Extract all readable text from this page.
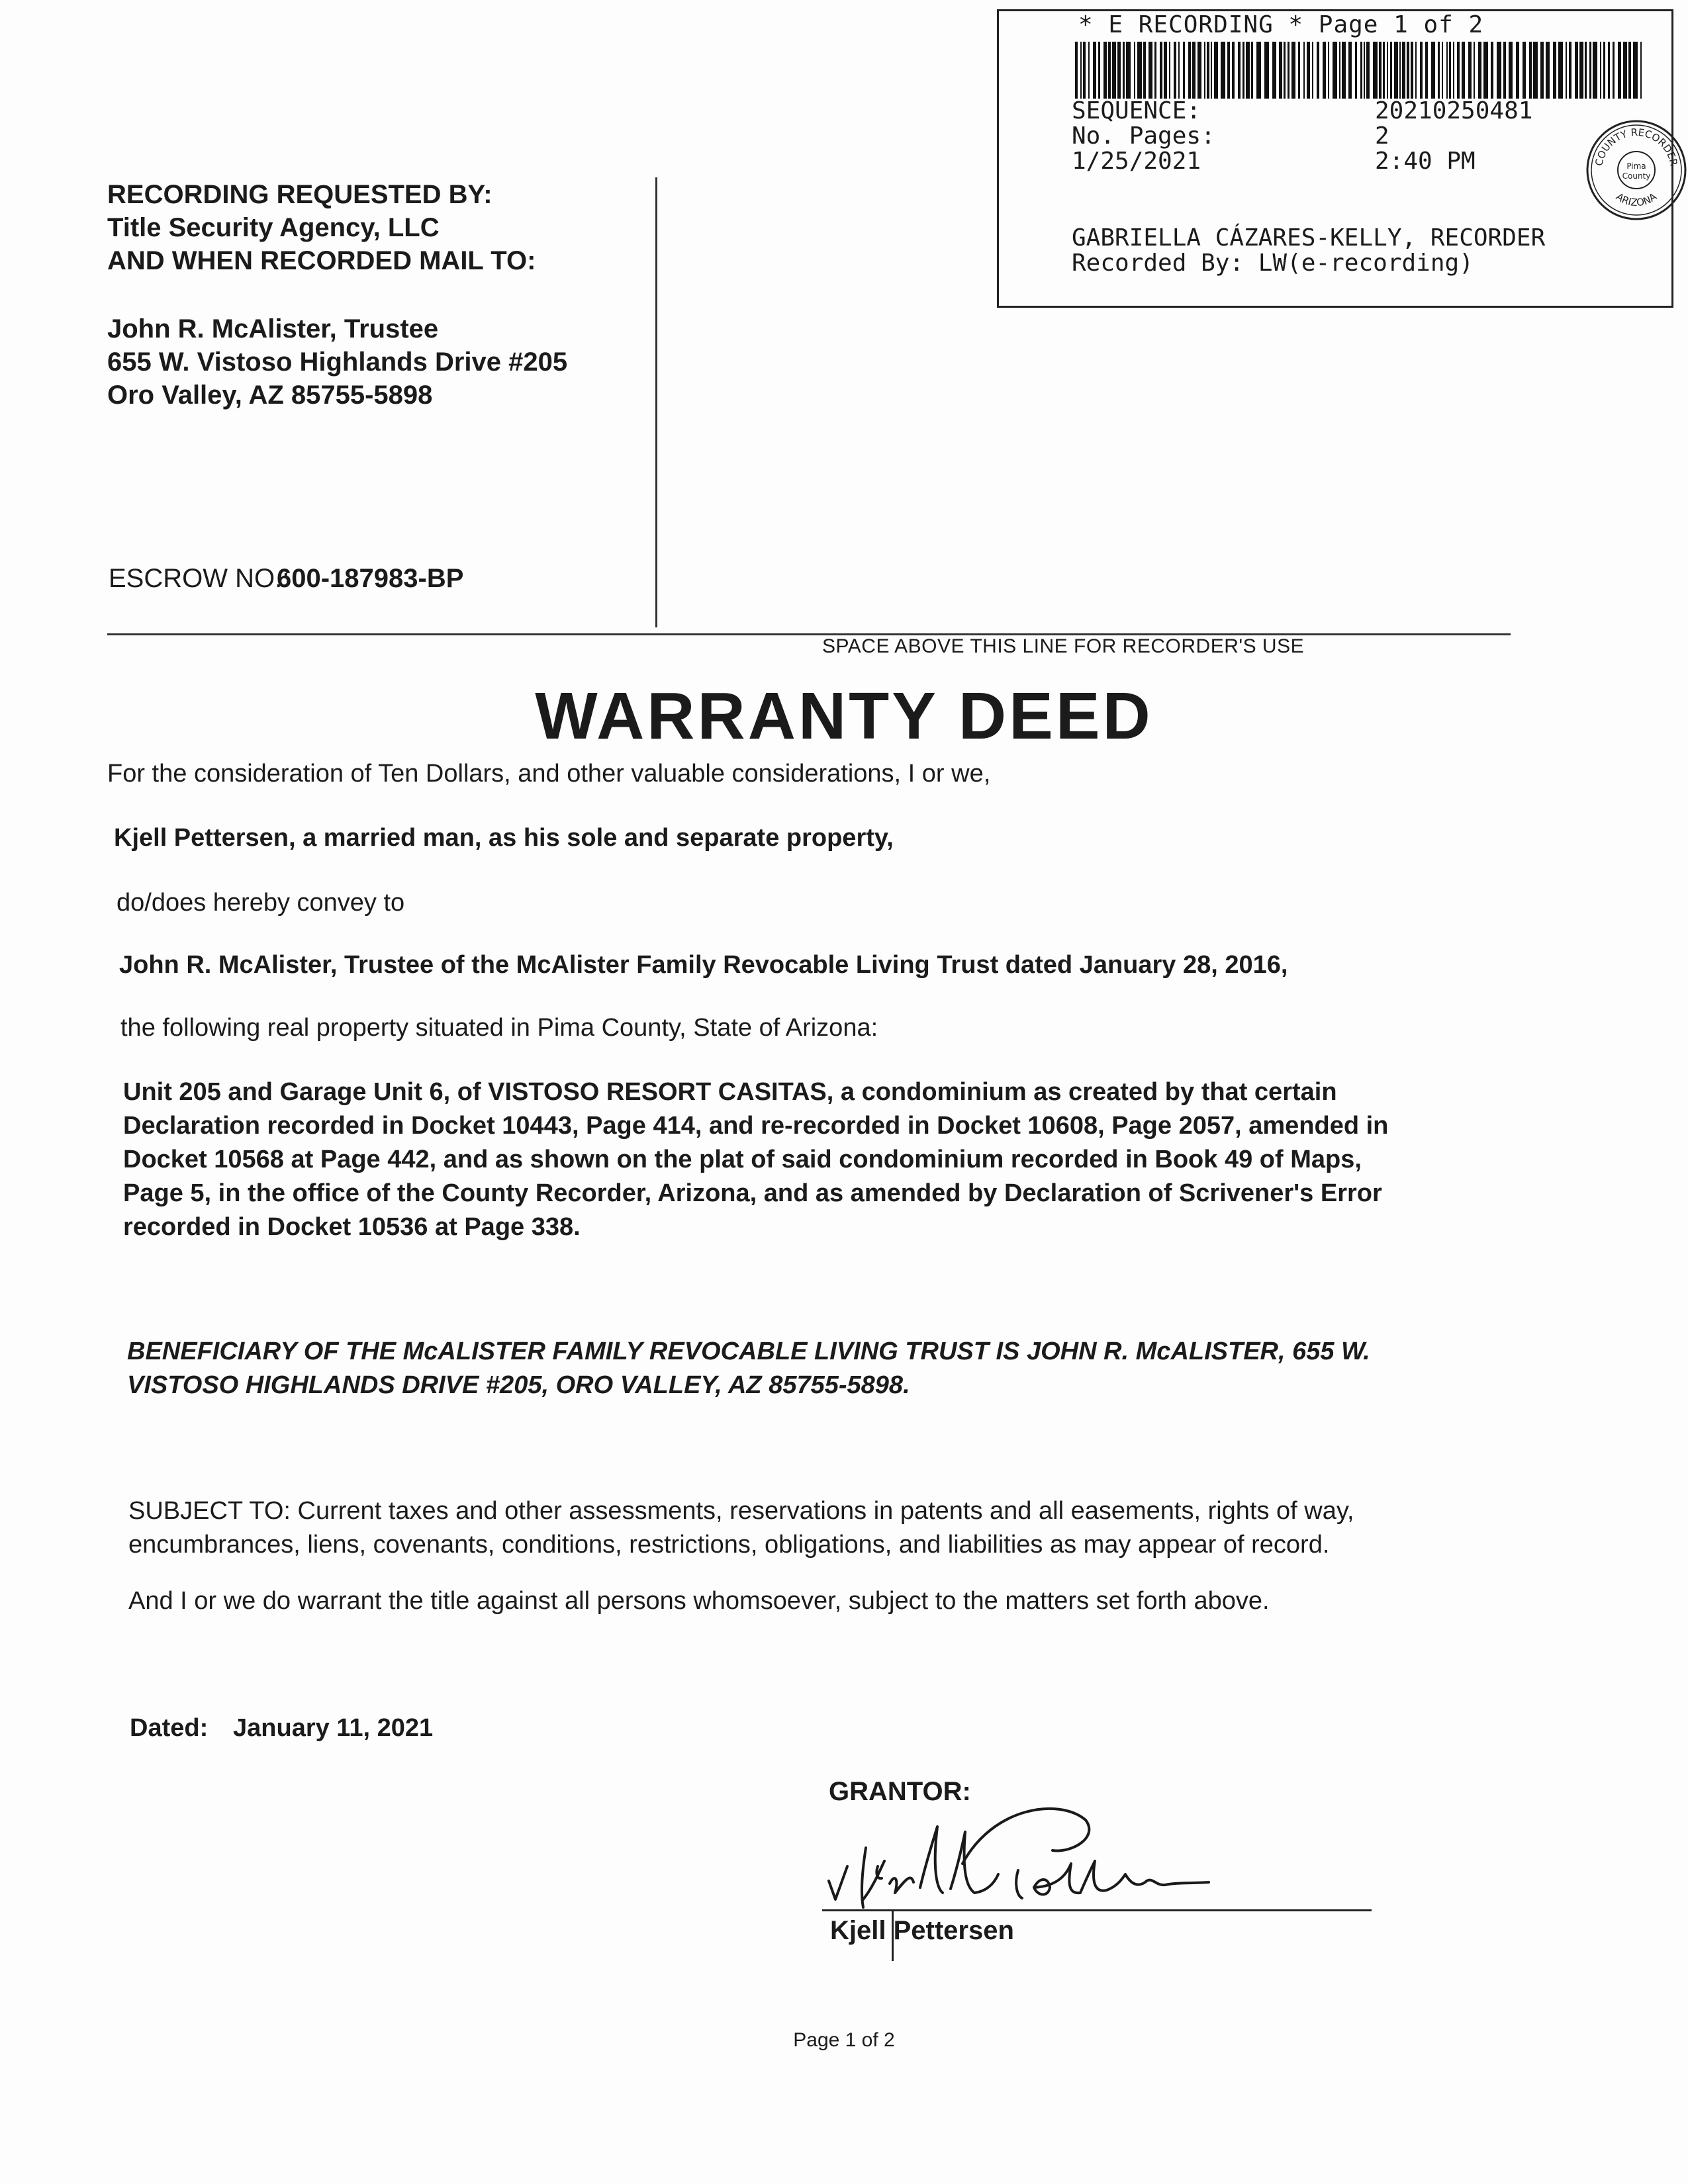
* E RECORDING * Page 1 of 2
SEQUENCE:	20210250481
No. Pages:	2
1/25/2021	2:40 PM
GABRIELLA CÁZARES-KELLY, RECORDER
Recorded By: LW(e-recording)
COUNTY RECORDER
ARIZONA
Pima
County
RECORDING REQUESTED BY:
Title Security Agency, LLC
AND WHEN RECORDED MAIL TO:
John R. McAlister, Trustee
655 W. Vistoso Highlands Drive #205
Oro Valley, AZ 85755-5898
ESCROW NO.:
600-187983-BP
SPACE ABOVE THIS LINE FOR RECORDER'S USE
WARRANTY DEED
For the consideration of Ten Dollars, and other valuable considerations, I or we,
Kjell Pettersen, a married man, as his sole and separate property,
do/does hereby convey to
John R. McAlister, Trustee of the McAlister Family Revocable Living Trust dated January 28, 2016,
the following real property situated in Pima County, State of Arizona:
Unit 205 and Garage Unit 6, of VISTOSO RESORT CASITAS, a condominium as created by that certain
Declaration recorded in Docket 10443, Page 414, and re-recorded in Docket 10608, Page 2057, amended in
Docket 10568 at Page 442, and as shown on the plat of said condominium recorded in Book 49 of Maps,
Page 5, in the office of the County Recorder, Arizona, and as amended by Declaration of Scrivener's Error
recorded in Docket 10536 at Page 338.
BENEFICIARY OF THE McALISTER FAMILY REVOCABLE LIVING TRUST IS JOHN R. McALISTER, 655 W.
VISTOSO HIGHLANDS DRIVE #205, ORO VALLEY, AZ 85755-5898.
SUBJECT TO: Current taxes and other assessments, reservations in patents and all easements, rights of way,
encumbrances, liens, covenants, conditions, restrictions, obligations, and liabilities as may appear of record.
And I or we do warrant the title against all persons whomsoever, subject to the matters set forth above.
Dated: January 11, 2021
GRANTOR:
Kjell Pettersen
Page 1 of 2
